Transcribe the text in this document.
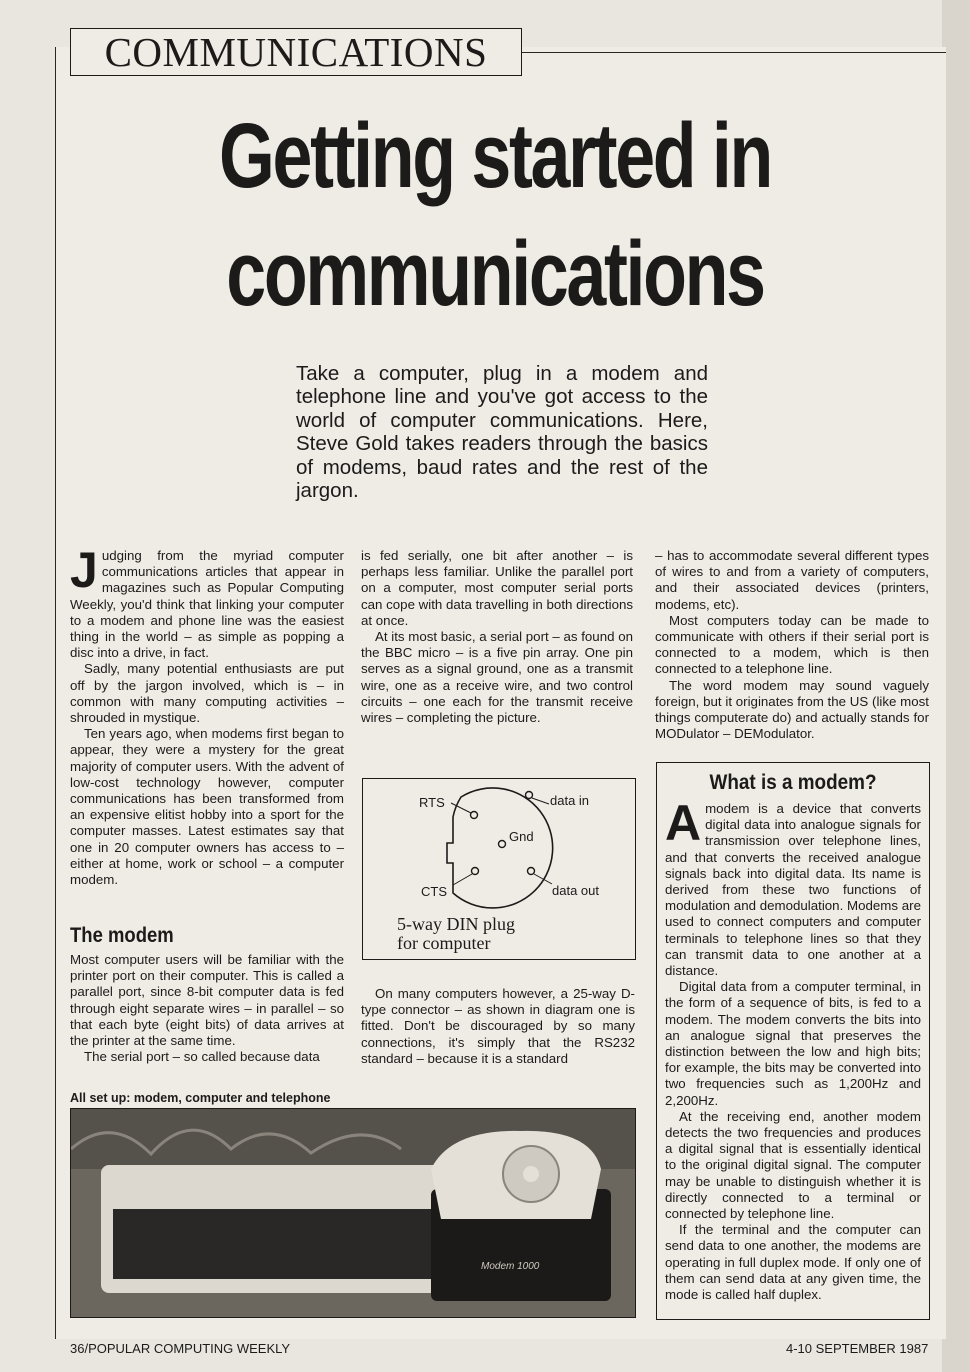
COMMUNICATIONS
Getting started in
communications
Take a computer, plug in a modem and telephone line and you've got access to the world of computer communications. Here, Steve Gold takes readers through the basics of modems, baud rates and the rest of the jargon.

Judging from the myriad computer communications articles that appear in magazines such as Popular Computing Weekly, you'd think that linking your computer to a modem and phone line was the easiest thing in the world – as simple as popping a disc into a drive, in fact.

Sadly, many potential enthusiasts are put off by the jargon involved, which is – in common with many computing activities – shrouded in mystique.

Ten years ago, when modems first began to appear, they were a mystery for the great majority of computer users. With the advent of low-cost technology however, computer communications has been transformed from an expensive elitist hobby into a sport for the computer masses. Latest estimates say that one in 20 computer owners has access to – either at home, work or school – a computer modem.

The modem

Most computer users will be familiar with the printer port on their computer. This is called a parallel port, since 8-bit computer data is fed through eight separate wires – in parallel – so that each byte (eight bits) of data arrives at the printer at the same time.

The serial port – so called because data

is fed serially, one bit after another – is perhaps less familiar. Unlike the parallel port on a computer, most computer serial ports can cope with data travelling in both directions at once.

At its most basic, a serial port – as found on the BBC micro – is a five pin array. One pin serves as a signal ground, one as a transmit wire, one as a receive wire, and two control circuits – one each for the transmit receive wires – completing the picture.

RTS	data in
Gnd
CTS	data out
5-way DIN plug
for computer

On many computers however, a 25-way D-type connector – as shown in diagram one is fitted. Don't be discouraged by so many connections, it's simply that the RS232 standard – because it is a standard

– has to accommodate several different types of wires to and from a variety of computers, and their associated devices (printers, modems, etc).

Most computers today can be made to communicate with others if their serial port is connected to a modem, which is then connected to a telephone line.

The word modem may sound vaguely foreign, but it originates from the US (like most things computerate do) and actually stands for MODulator – DEModulator.

What is a modem?

Amodem is a device that converts digital data into analogue signals for transmission over telephone lines, and that converts the received analogue signals back into digital data. Its name is derived from these two functions of modulation and demodulation. Modems are used to connect computers and computer terminals to telephone lines so that they can transmit data to one another at a distance.

Digital data from a computer terminal, in the form of a sequence of bits, is fed to a modem. The modem converts the bits into an analogue signal that preserves the distinction between the low and high bits; for example, the bits may be converted into two frequencies such as 1,200Hz and 2,200Hz.

At the receiving end, another modem detects the two frequencies and produces a digital signal that is essentially identical to the original digital signal. The computer may be unable to distinguish whether it is directly connected to a terminal or connected by telephone line.

If the terminal and the computer can send data to one another, the modems are operating in full duplex mode. If only one of them can send data at any given time, the mode is called half duplex.

All set up: modem, computer and telephone
Modem 1000
36/POPULAR COMPUTING WEEKLY	4-10 SEPTEMBER 1987
